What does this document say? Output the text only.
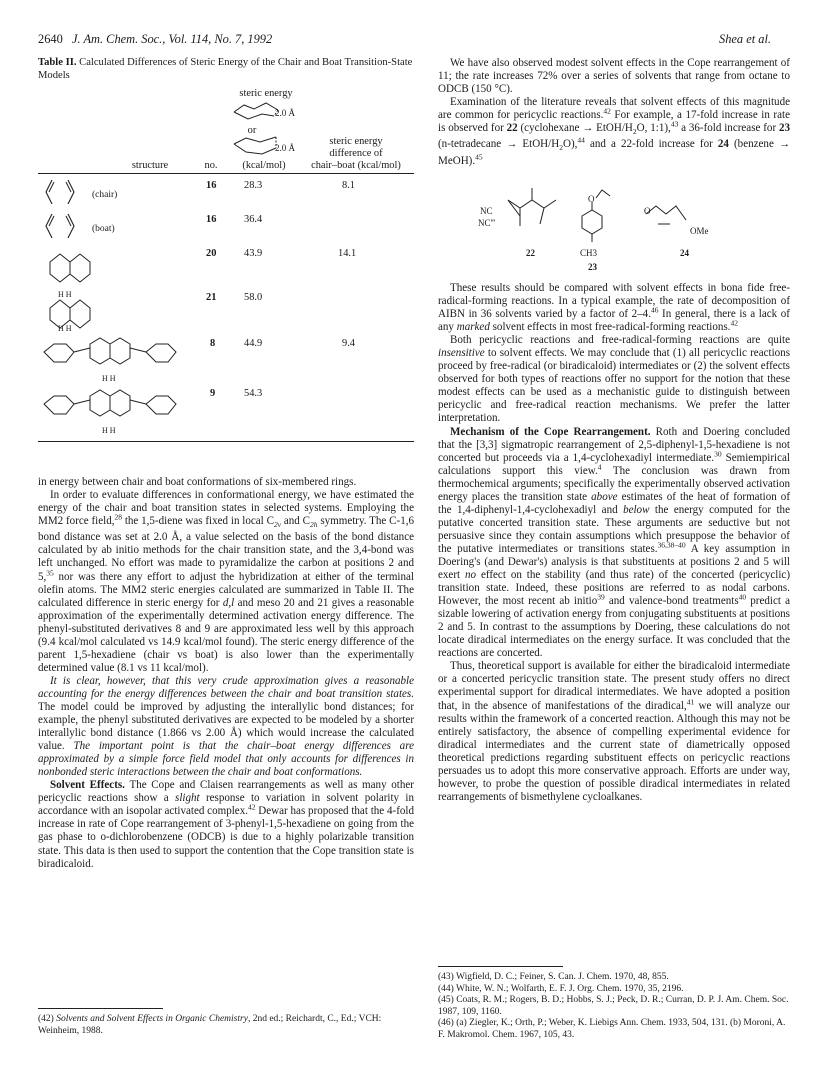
2640 J. Am. Chem. Soc., Vol. 114, No. 7, 1992	Shea et al.
Table II. Calculated Differences of Steric Energy of the Chair and Boat Transition-State Models
steric energy
2.0 Å
or
2.0 Å
structure	no.	(kcal/mol)
steric energy
difference of
chair–boat (kcal/mol)
(chair)
16	28.3	8.1
(boat)
16	36.4
H H
20	43.9	14.1
H H
21	58.0
H H
8	44.9	9.4
H H
9	54.3

in energy between chair and boat conformations of six-membered rings.

In order to evaluate differences in conformational energy, we have estimated the energy of the chair and boat transition states in selected systems. Employing the MM2 force field,$^{28}$ the 1,5-diene was fixed in local $C_{2v}$ and $C_{2h}$ symmetry. The C-1,6 bond distance was set at 2.0 Å, a value selected on the basis of the bond distance calculated by ab initio methods for the chair transition state, and the 3,4-bond was left unchanged. No effort was made to pyramidalize the carbon at positions 2 and 5,35 nor was there any effort to adjust the hybridization at either of the terminal olefin atoms. The MM2 steric energies calculated are summarized in Table II. The calculated difference in steric energy for d,l and meso 20 and 21 gives a reasonable approximation of the experimentally determined activation energy difference. The phenyl-substituted derivatives 8 and 9 are approximated less well by this approach (9.4 kcal/mol calculated vs 14.9 kcal/mol found). The steric energy difference of the parent 1,5-hexadiene (chair vs boat) is also lower than the experimentally determined value (8.1 vs 11 kcal/mol).

It is clear, however, that this very crude approximation gives a reasonable accounting for the energy differences between the chair and boat transition states. The model could be improved by adjusting the interallylic bond distances; for example, the phenyl substituted derivatives are expected to be modeled by a shorter interallylic bond distance (1.866 vs 2.00 Å) which would increase the calculated value. The important point is that the chair–boat energy differences are approximated by a simple force field model that only accounts for differences in nonbonded steric interactions between the chair and boat conformations.

Solvent Effects. The Cope and Claisen rearrangements as well as many other pericyclic reactions show a slight response to variation in solvent polarity in accordance with an isopolar activated complex.$^{42}$ Dewar has proposed that the 4-fold increase in rate of Cope rearrangement of 3-phenyl-1,5-hexadiene on going from the gas phase to o-dichlorobenzene (ODCB) is due to a highly polarizable transition state. This data is then used to support the contention that the Cope transition state is biradicaloid.

(42) Solvents and Solvent Effects in Organic Chemistry, 2nd ed.; Reichardt, C., Ed.; VCH: Weinheim, 1988.

We have also observed modest solvent effects in the Cope rearrangement of 11; the rate increases 72% over a series of solvents that range from octane to ODCB (150 °C).

Examination of the literature reveals that solvent effects of this magnitude are common for pericyclic reactions.$^{42}$ For example, a 17-fold increase in rate is observed for 22 (cyclohexane → EtOH/$H_2O$, 1:1),$^{43}$ a 36-fold increase for 23 (n-tetradecane → EtOH/$H_2O),^{44}$ and a 22-fold increase for 24 (benzene → MeOH).$^{45}$

NC
NC'''
22
O
CH3
23
O
OMe
24

These results should be compared with solvent effects in bona fide free-radical-forming reactions. In a typical example, the rate of decomposition of AIBN in 36 solvents varied by a factor of 2–4.46 In general, there is a lack of any marked solvent effects in most free-radical-forming reactions.$^{42}$

Both pericyclic reactions and free-radical-forming reactions are quite insensitive to solvent effects. We may conclude that (1) all pericyclic reactions proceed by free-radical (or biradicaloid) intermediates or (2) the solvent effects observed for both types of reactions offer no support for the notion that these modest effects can be used as a mechanistic guide to distinguish between pericyclic and free-radical reaction mechanisms. We prefer the latter interpretation.

Mechanism of the Cope Rearrangement. Roth and Doering concluded that the [3,3] sigmatropic rearrangement of 2,5-diphenyl-1,5-hexadiene is not concerted but proceeds via a 1,4-cyclohexadiyl intermediate.$^{30}$ Semiempirical calculations support this view.$^4$ The conclusion was drawn from thermochemical arguments; specifically the experimentally observed activation energy places the transition state above estimates of the heat of formation of the 1,4-diphenyl-1,4-cyclohexadiyl and below the energy computed for the putative concerted transition state. These arguments are seductive but not persuasive since they contain assumptions which presuppose the behavior of the putative intermediates or transitions states.$^{36,38-40}$ A key assumption in Doering's (and Dewar's) analysis is that substituents at positions 2 and 5 will exert no effect on the stability (and thus rate) of the concerted (pericyclic) transition state. Indeed, these positions are referred to as nodal carbons. However, the most recent ab initio$^{39}$ and valence-bond treatments$^{40}$ predict a sizable lowering of activation energy from conjugating substituents at positions 2 and 5. In contrast to the assumptions by Doering, these calculations do not locate diradical intermediates on the energy surface. It was concluded that the reactions are concerted.

Thus, theoretical support is available for either the biradicaloid intermediate or a concerted pericyclic transition state. The present study offers no direct experimental support for diradical intermediates. We have adopted a position that, in the absence of manifestations of the diradical,$^{41}$ we will analyze our results within the framework of a concerted reaction. Although this may not be entirely satisfactory, the absence of compelling experimental evidence for diradical intermediates and the current state of diametrically opposed theoretical predictions regarding substituent effects on pericyclic reactions persuades us to adopt this more conservative approach. Efforts are under way, however, to probe the question of possible diradical intermediates in related rearrangements of bismethylene cycloalkanes.

(43) Wigfield, D. C.; Feiner, S. Can. J. Chem. 1970, 48, 855.
(44) White, W. N.; Wolfarth, E. F. J. Org. Chem. 1970, 35, 2196.
(45) Coats, R. M.; Rogers, B. D.; Hobbs, S. J.; Peck, D. R.; Curran, D. P. J. Am. Chem. Soc. 1987, 109, 1160.
(46) (a) Ziegler, K.; Orth, P.; Weber, K. Liebigs Ann. Chem. 1933, 504, 131. (b) Moroni, A. F. Makromol. Chem. 1967, 105, 43.
